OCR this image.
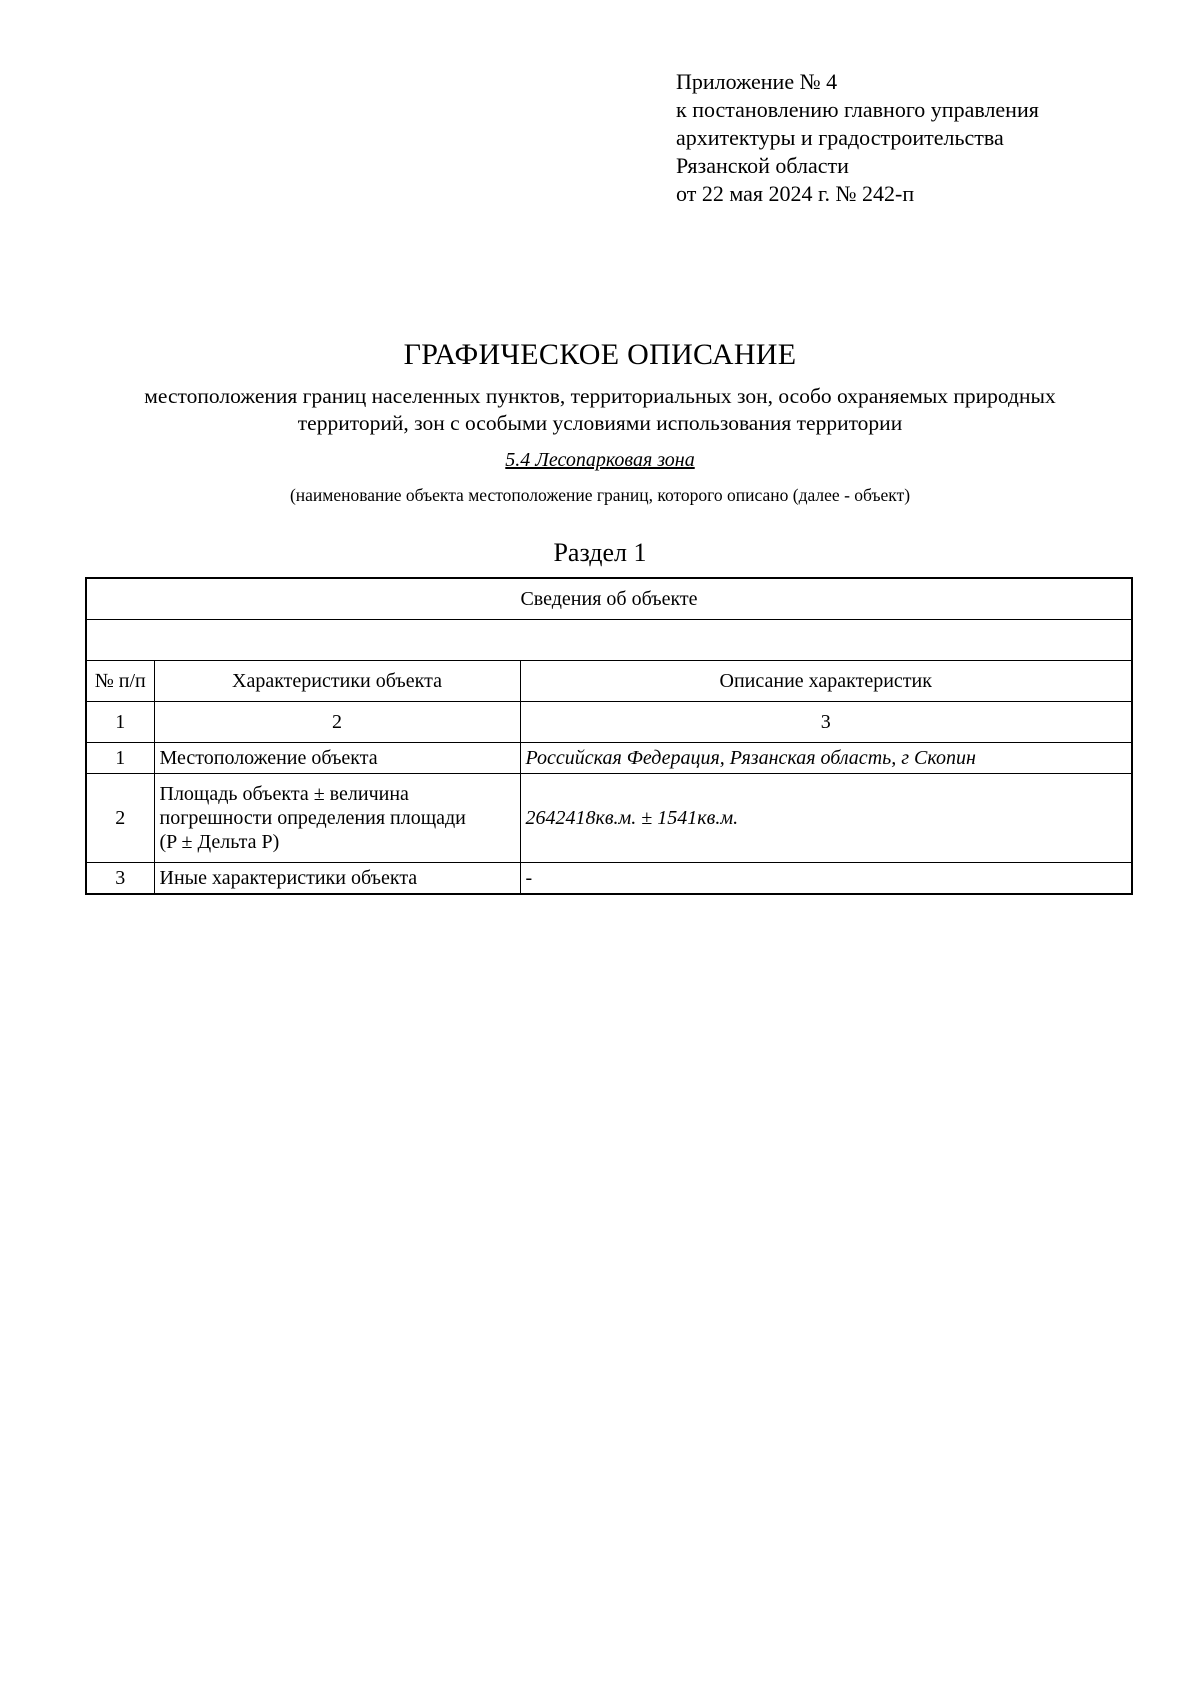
Приложение № 4
к постановлению главного управления
архитектуры и градостроительства
Рязанской области
от 22 мая 2024 г. № 242-п
ГРАФИЧЕСКОЕ ОПИСАНИЕ
местоположения границ населенных пунктов, территориальных зон, особо охраняемых природных
территорий, зон с особыми условиями использования территории
5.4 Лесопарковая зона
(наименование объекта местоположение границ, которого описано (далее - объект)
Раздел 1
Сведения об объекте		

№ п/п	Характеристики объекта	Описание характеристик
1	2	3
1	Местоположение объекта	Российская Федерация, Рязанская область, г Скопин
2	Площадь объекта ± величина
погрешности определения площади
(P ± Дельта P)	2642418кв.м. ± 1541кв.м.
3	Иные характеристики объекта	-
